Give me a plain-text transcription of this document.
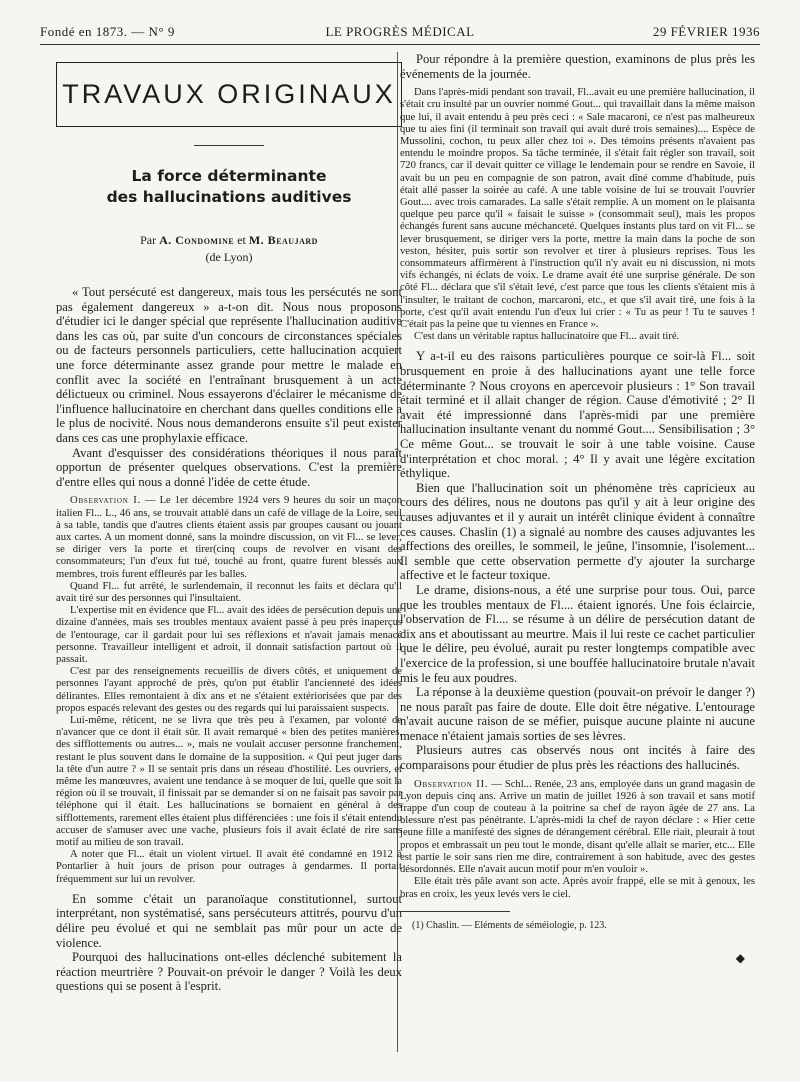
Fondé en 1873. — N° 9	LE PROGRÈS MÉDICAL	29 FÉVRIER 1936
TRAVAUX ORIGINAUX
La force déterminante
des hallucinations auditives
Par A. Condomine et M. Beaujard
(de Lyon)

« Tout persécuté est dangereux, mais tous les persécutés ne sont pas également dangereux » a-t-on dit. Nous nous proposons d'étudier ici le danger spécial que représente l'hallucination auditive dans les cas où, par suite d'un concours de circonstances spéciales ou de facteurs personnels particuliers, cette hallucination acquiert une force déterminante assez grande pour mettre le malade en conflit avec la société en l'entraînant brusquement à un acte délictueux ou criminel. Nous essayerons d'éclairer le mécanisme de l'influence hallucinatoire en cherchant dans quelles conditions elle a le plus de nocivité. Nous nous demanderons ensuite s'il peut exister dans ces cas une prophylaxie efficace.

Avant d'esquisser des considérations théoriques il nous paraît opportun de présenter quelques observations. C'est la première d'entre elles qui nous a donné l'idée de cette étude.

Observation I. — Le 1er décembre 1924 vers 9 heures du soir un maçon italien Fl... L., 46 ans, se trouvait attablé dans un café de village de la Loire, seul à sa table, tandis que d'autres clients étaient assis par groupes causant ou jouant aux cartes. A un moment donné, sans la moindre discussion, on vit Fl... se lever, se diriger vers la porte et tirer(cinq coups de revolver en visant des consommateurs; l'un d'eux fut tué, touché au front, quatre furent blessés aux membres, trois furent effleurés par les balles.

Quand Fl... fut arrêté, le surlendemain, il reconnut les faits et déclara qu'il avait tiré sur des personnes qui l'insultaient.

L'expertise mit en évidence que Fl... avait des idées de persécution depuis une dizaine d'années, mais ses troubles mentaux avaient passé à peu près inaperçus de l'entourage, car il gardait pour lui ses réflexions et n'avait jamais menacé personne. Travailleur intelligent et adroit, il donnait satisfaction partout où il passait.

C'est par des renseignements recueillis de divers côtés, et uniquement de personnes l'ayant approché de près, qu'on put établir l'ancienneté des idées délirantes. Elles remontaient à dix ans et ne s'étaient extériorisées que par des propos espacés relevant des gestes ou des regards qui lui paraissaient suspects.

Lui-même, réticent, ne se livra que très peu à l'examen, par volonté de n'avancer que ce dont il était sûr. Il avait remarqué « bien des petites manières, des sifflottements ou autres... », mais ne voulait accuser personne franchement, restant le plus souvent dans le domaine de la supposition. « Qui peut juger dans la tête d'un autre ? » Il se sentait pris dans un réseau d'hostilité. Les ouvriers, et même les manœuvres, avaient une tendance à se moquer de lui, quelle que soit la région où il se trouvait, il finissait par se demander si on ne faisait pas savoir par téléphone qui il était. Les hallucinations se bornaient en général à des sifflottements, rarement elles étaient plus différenciées : une fois il s'était entendu accuser de s'amuser avec une vache, plusieurs fois il avait éclaté de rire sans motif au milieu de son travail.

A noter que Fl... était un violent virtuel. Il avait été condamné en 1912 à Pontarlier à huit jours de prison pour outrages à gendarmes. Il portait fréquemment sur lui un revolver.

En somme c'était un paranoïaque constitutionnel, surtout interprétant, non systématisé, sans persécuteurs attitrés, pourvu d'un délire peu évolué et qui ne semblait pas mûr pour un acte de violence.

Pourquoi des hallucinations ont-elles déclenché subitement la réaction meurtrière ? Pouvait-on prévoir le danger ? Voilà les deux questions qui se posent à l'esprit.

Pour répondre à la première question, examinons de plus près les événements de la journée.

Dans l'après-midi pendant son travail, Fl...avait eu une première hallucination, il s'était cru insulté par un ouvrier nommé Gout... qui travaillait dans la même maison que lui, il avait entendu à peu près ceci : « Sale macaroni, ce n'est pas malheureux que tu aies fini (il terminait son travail qui avait duré trois semaines).... Espèce de Mussolini, cochon, tu peux aller chez toi ». Des témoins présents n'avaient pas entendu le moindre propos. Sa tâche terminée, il s'était fait régler son travail, soit 720 francs, car il devait quitter ce village le lendemain pour se rendre en Savoie, il avait bu un peu en compagnie de son patron, avait dîné comme d'habitude, puis était allé passer la soirée au café. A une table voisine de lui se trouvait l'ouvrier Gout.... avec trois camarades. La salle s'était remplie. A un moment on le plaisanta quelque peu parce qu'il « faisait le suisse » (consommait seul), mais les propos échangés furent sans aucune méchanceté. Quelques instants plus tard on vit Fl... se lever brusquement, se diriger vers la porte, mettre la main dans la poche de son veston, hésiter, puis sortir son revolver et tirer à plusieurs reprises. Tous les consommateurs affirmèrent à l'instruction qu'il n'y avait eu ni discussion, ni mots vifs échangés, ni éclats de voix. Le drame avait été une surprise générale. De son côté Fl... déclara que s'il s'était levé, c'est parce que tous les clients s'étaient mis à l'insulter, le traitant de cochon, marcaroni, etc., et que s'il avait tiré, une fois à la porte, c'est qu'il avait entendu l'un d'eux lui crier : « Tu as peur ! Tu te sauves ! C'était pas la peine que tu viennes en France ».

C'est dans un véritable raptus hallucinatoire que Fl... avait tiré.

Y a-t-il eu des raisons particulières pourque ce soir-là Fl... soit brusquement en proie à des hallucinations ayant une telle force déterminante ? Nous croyons en apercevoir plusieurs : 1° Son travail était terminé et il allait changer de région. Cause d'émotivité ; 2° Il avait été impressionné dans l'après-midi par une première hallucination insultante venant du nommé Gout.... Sensibilisation ; 3° Ce même Gout... se trouvait le soir à une table voisine. Cause d'interprétation et choc moral. ; 4° Il y avait une légère excitation éthylique.

Bien que l'hallucination soit un phénomène très capricieux au cours des délires, nous ne doutons pas qu'il y ait à leur origine des causes adjuvantes et il y aurait un intérêt clinique évident à connaître ces causes. Chaslin (1) a signalé au nombre des causes adjuvantes les affections des oreilles, le sommeil, le jeûne, l'insomnie, l'isolement... Il semble que cette observation permette d'y ajouter la surcharge affective et le facteur toxique.

Le drame, disions-nous, a été une surprise pour tous. Oui, parce que les troubles mentaux de Fl.... étaient ignorés. Une fois éclaircie, l'observation de Fl.... se résume à un délire de persécution datant de dix ans et aboutissant au meurtre. Mais il lui reste ce cachet particulier que le délire, peu évolué, aurait pu rester longtemps compatible avec l'exercice de la profession, si une bouffée hallucinatoire brutale n'avait mis le feu aux poudres.

La réponse à la deuxième question (pouvait-on prévoir le danger ?) ne nous paraît pas faire de doute. Elle doit être négative. L'entourage n'avait aucune raison de se méfier, puisque aucune plainte ni aucune menace n'étaient jamais sorties de ses lèvres.

Plusieurs autres cas observés nous ont incités à faire des comparaisons pour étudier de plus près les réactions des hallucinés.

Observation II. — Schl... Renée, 23 ans, employée dans un grand magasin de Lyon depuis cinq ans. Arrive un matin de juillet 1926 à son travail et sans motif frappe d'un coup de couteau à la poitrine sa chef de rayon âgée de 27 ans. La blessure n'est pas pénétrante. L'après-midi la chef de rayon déclare : « Hier cette jeune fille a manifesté des signes de dérangement cérébral. Elle riait, pleurait à tout propos et embrassait un peu tout le monde, disant qu'elle allait se marier, etc... Elle est partie le soir sans rien me dire, contrairement à son habitude, avec des gestes désordonnés. Elle n'avait aucun motif pour m'en vouloir ».

Elle était très pâle avant son acte. Après avoir frappé, elle se mit à genoux, les bras en croix, les yeux levés vers le ciel.

(1) Chaslin. — Eléments de séméiologie, p. 123.

◆
